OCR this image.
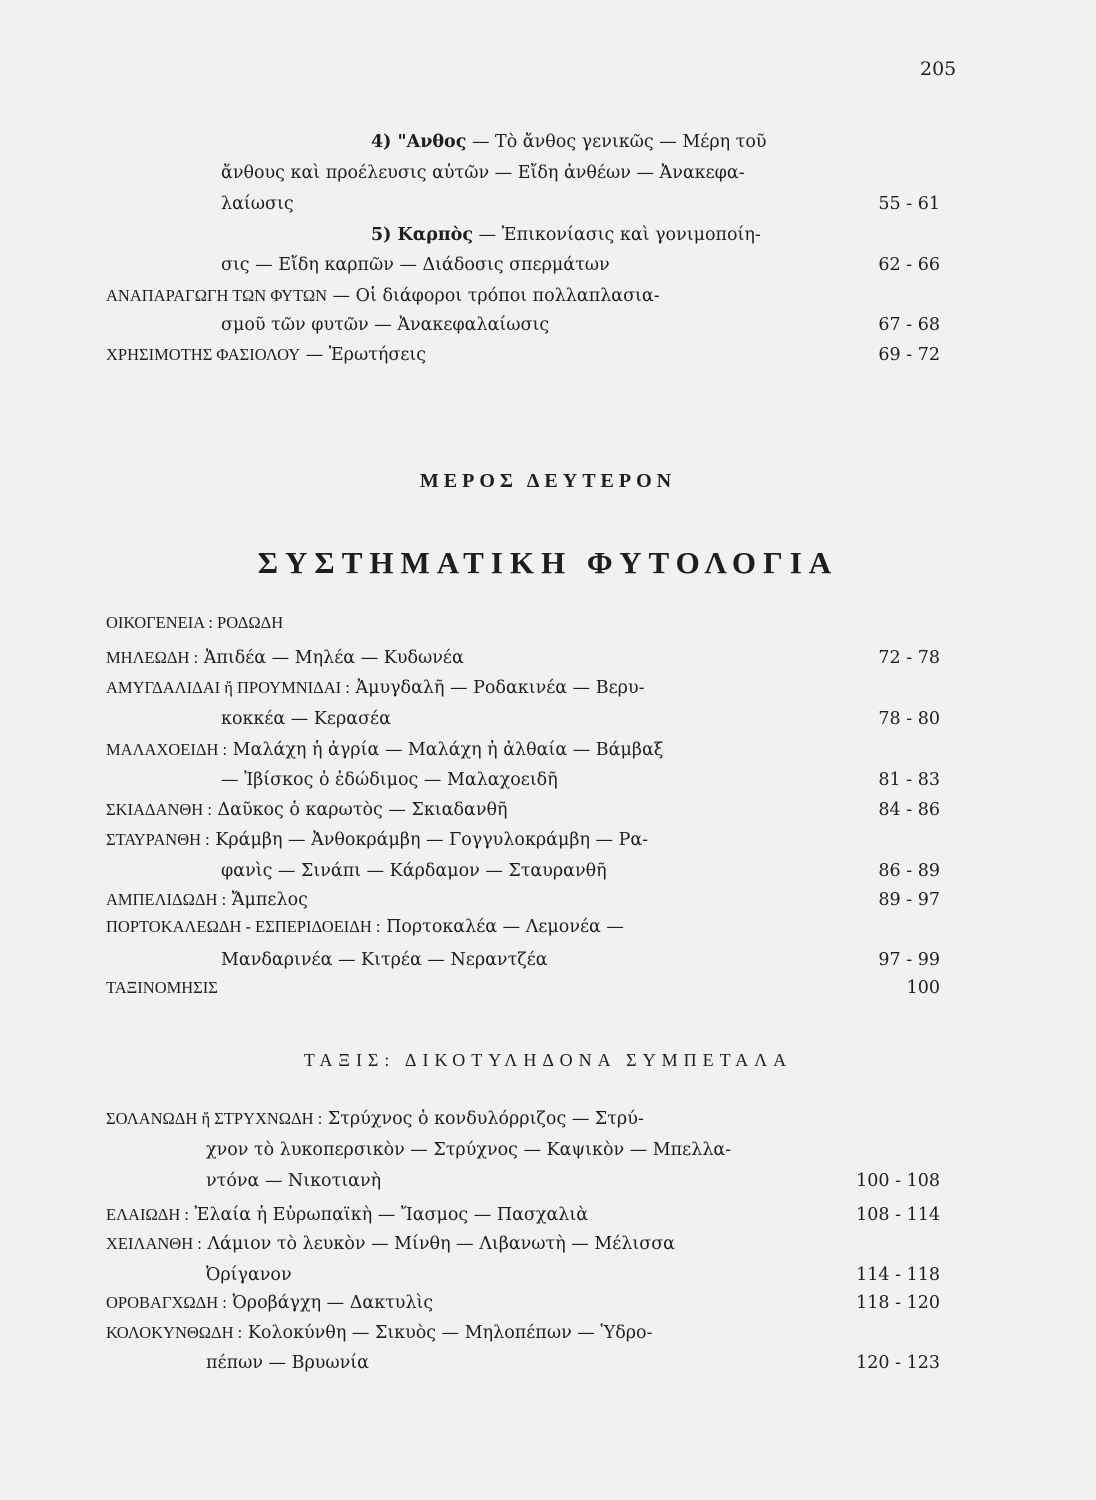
205
4) "Ανθος — Τὸ ἄνθος γενικῶς — Μέρη τοῦ
ἄνθους καὶ προέλευσις αὐτῶν — Εἴδη ἀνθέων — Ἀνακεφα-
λαίωσις	55 - 61
5) Καρπὸς — Ἐπικονίασις καὶ γονιμοποίη-
σις — Εἴδη καρπῶν — Διάδοσις σπερμάτων	62 - 66
ΑΝΑΠΑΡΑΓΩΓΗ ΤΩΝ ΦΥΤΩΝ — Οἱ διάφοροι τρόποι πολλαπλασια-
σμοῦ τῶν φυτῶν — Ἀνακεφαλαίωσις	67 - 68
ΧΡΗΣΙΜΟΤΗΣ ΦΑΣΙΟΛΟΥ — Ἐρωτήσεις	69 - 72
ΜΕΡΟΣ ΔΕΥΤΕΡΟΝ
ΣΥΣΤΗΜΑΤΙΚΗ ΦΥΤΟΛΟΓΙΑ
ΟΙΚΟΓΕΝΕΙΑ : ΡΟΔΩΔΗ
ΜΗΛΕΩΔΗ : Ἀπιδέα — Μηλέα — Κυδωνέα	72 - 78
ΑΜΥΓΔΑΛΙΔΑΙ ἤ ΠΡΟΥΜΝΙΔΑΙ : Ἀμυγδαλῆ — Ροδακινέα — Βερυ-
κοκκέα — Κερασέα	78 - 80
ΜΑΛΑΧΟΕΙΔΗ : Μαλάχη ἡ ἀγρία — Μαλάχη ἡ ἀλθαία — Βάμβαξ
— Ἰβίσκος ὁ ἐδώδιμος — Μαλαχοειδῆ	81 - 83
ΣΚΙΑΔΑΝΘΗ : Δαῦκος ὁ καρωτὸς — Σκιαδανθῆ	84 - 86
ΣΤΑΥΡΑΝΘΗ : Κράμβη — Ἀνθοκράμβη — Γογγυλοκράμβη — Ρα-
φανὶς — Σινάπι — Κάρδαμον — Σταυρανθῆ	86 - 89
ΑΜΠΕΛΙΔΩΔΗ : Ἄμπελος	89 - 97
ΠΟΡΤΟΚΑΛΕΩΔΗ - ΕΣΠΕΡΙΔΟΕΙΔΗ : Πορτοκαλέα — Λεμονέα —
Μανδαρινέα — Κιτρέα — Νεραντζέα	97 - 99
ΤΑΞΙΝΟΜΗΣΙΣ	100
ΤΑΞΙΣ: ΔΙΚΟΤΥΛΗΔΟΝΑ ΣΥΜΠΕΤΑΛΑ
ΣΟΛΑΝΩΔΗ ἤ ΣΤΡΥΧΝΩΔΗ : Στρύχνος ὁ κονδυλόρριζος — Στρύ-
χνον τὸ λυκοπερσικὸν — Στρύχνος — Καψικὸν — Μπελλα-
ντόνα — Νικοτιανὴ	100 - 108
ΕΛΑΙΩΔΗ : Ἐλαία ἡ Εὐρωπαϊκὴ — Ἴασμος — Πασχαλιὰ	108 - 114
ΧΕΙΛΑΝΘΗ : Λάμιον τὸ λευκὸν — Μίνθη — Λιβανωτὴ — Μέλισσα
Ὀρίγανον	114 - 118
ΟΡΟΒΑΓΧΩΔΗ : Ὀροβάγχη — Δακτυλὶς	118 - 120
ΚΟΛΟΚΥΝΘΩΔΗ : Κολοκύνθη — Σικυὸς — Μηλοπέπων — Ὑδρο-
πέπων — Βρυωνία	120 - 123
